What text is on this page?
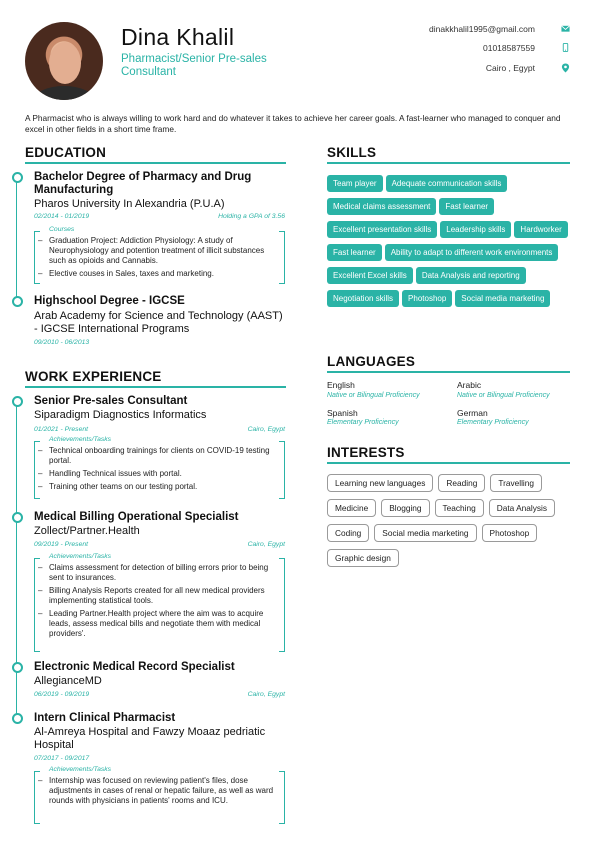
Dina Khalil
Pharmacist/Senior Pre-sales Consultant
dinakkhalil1995@gmail.com
01018587559
Cairo , Egypt
A Pharmacist who is always willing to work hard and do whatever it takes to achieve her career goals. A fast-learner who managed to conquer and excel in other fields in a short time frame.
EDUCATION
Bachelor Degree of Pharmacy and Drug Manufacturing
Pharos University In Alexandria (P.U.A)
02/2014 - 01/2019	Holding a GPA of 3.56
Courses
– Graduation Project: Addiction Physiology: A study of Neurophysiology and potention treatment of illicit substances such as opioids and Cannabis.
– Elective couses in Sales, taxes and marketing.
Highschool Degree - IGCSE
Arab Academy for Science and Technology (AAST) - IGCSE International Programs
09/2010 - 06/2013
WORK EXPERIENCE
Senior Pre-sales Consultant
Siparadigm Diagnostics Informatics
01/2021 - Present	Cairo, Egypt
Achievements/Tasks
– Technical onboarding trainings for clients on COVID-19 testing portal.
– Handling Technical issues with portal.
– Training other teams on our testing portal.
Medical Billing Operational Specialist
Zollect/Partner.Health
09/2019 - Present	Cairo, Egypt
Achievements/Tasks
– Claims assessment for detection of billing errors prior to being sent to insurances.
– Billing Analysis Reports created for all new medical providers implementing statistical tools.
– Leading Partner.Health project where the aim was to acquire leads, assess medical bills and negotiate them with medical providers'.
Electronic Medical Record Specialist
AllegianceMD
06/2019 - 09/2019	Cairo, Egypt
Intern Clinical Pharmacist
Al-Amreya Hospital and Fawzy Moaaz pedriatic Hospital
07/2017 - 09/2017
Achievements/Tasks
– Internship was focused on reviewing patient's files, dose adjustments in cases of renal or hepatic failure, as well as ward rounds with physicians in patients' rooms and ICU.
SKILLS
Team player Adequate communication skillsMedical claims assessment Fast learnerExcellent presentation skills Leadership skills HardworkerFast learner Ability to adapt to different work environmentsExcellent Excel skills Data Analysis and reportingNegotiation skills Photoshop Social media marketing
LANGUAGES
English
Native or Bilingual Proficiency
Arabic
Native or Bilingual Proficiency
Spanish
Elementary Proficiency
German
Elementary Proficiency
INTERESTS
Learning new languages	Reading	TravellingMedicine	Blogging	Teaching	Data AnalysisCoding	Social media marketing	PhotoshopGraphic design
